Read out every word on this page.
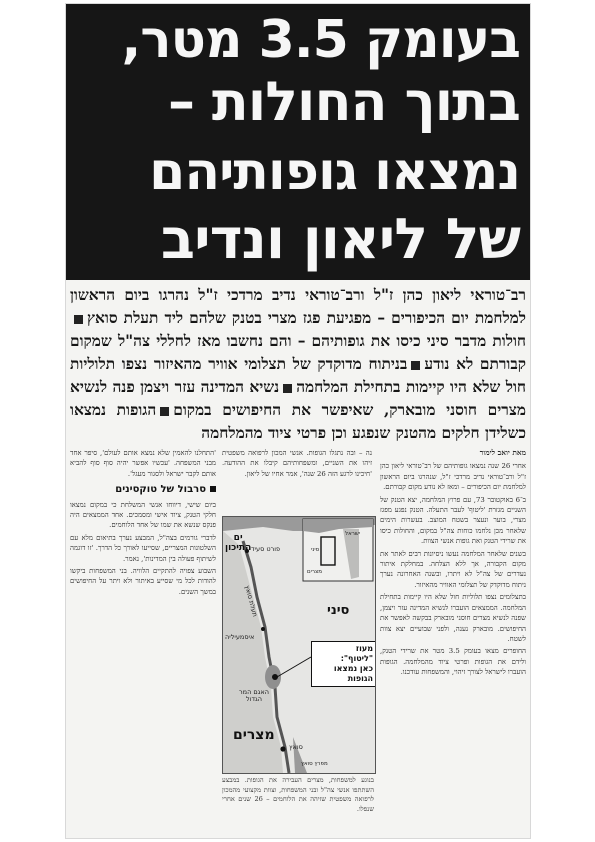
בעומק 3.5 מטר,
בתוך החולות –
נמצאו גופותיהם
של ליאון ונדיב

רב־טוראי ליאון כהן ז"ל ורב־טוראי נדיב מרדכי ז"ל נהרגו ביום הראשון למלחמת יום הכיפורים – מפגיעת פגז מצרי בטנק שלהם ליד תעלת סואץחולות מדבר סיני כיסו את גופותיהם – והם נחשבו מאז לחללי צה"ל שמקום קבורתם לא נודעבניתוח מדוקדק של תצלומי אוויר מהאיזור נצפו תלוליות חול שלא היו קיימות בתחילת המלחמהנשיא המדינה עזר ויצמן פנה לנשיא מצרים חוסני מובארק, שאיפשר את החיפושים במקוםהגופות נמצאו כשלידן חלקים מהטנק שנפגע וכן פרטי ציוד מהמלחמה

מאת יואב לימור

אחרי 26 שנה נמצאו גופותיהם של רב־טוראי ליאון כהן ז"ל ורב־טוראי נדיב מרדכי ז"ל, שנהרגו ביום הראשון למלחמת יום הכיפורים – ומאז לא נודע מקום קבורתם.

ב־6 באוקטובר 73, עם פרוץ המלחמה, יצא הטנק של השניים מגזרת 'ליטוף' לעבר התעלה. הטנק נפגע מפגז מצרי, בוער ונעצר בשטח המוצב. בעשרות הימים שלאחר מכן נלחמו כוחות צה"ל במקום, והחולות כיסו את שרידי הטנק ואת גופות אנשי הצוות.

בשנים שלאחר המלחמה נעשו ניסיונות רבים לאתר את מקום הקבורה, אך ללא הצלחה. במחלקת איתור נעדרים של צה"ל לא ויתרו, ובשנה האחרונה נערך ניתוח מדוקדק של תצלומי האוויר מהאיזור.

בתצלומים נצפו תלוליות חול שלא היו קיימות בתחילת המלחמה. הממצאים הועברו לנשיא המדינה עזר ויצמן, שפנה לנשיא מצרים חוסני מובארק בבקשה לאפשר את החיפושים. מובארק נענה, ולפני שבועיים יצא צוות לשטח.

החופרים מצאו בעומק 3.5 מטר את שרידי הטנק, ולידם את הגופות ופרטי ציוד מהמלחמה. הגופות הועברו לישראל לצורך זיהוי, והמשפחות עודכנו.

נה – ובה נתגלו הגופות. אנשי המכון לרפואה משפטית זיהו את השניים, ומשפחותיהם קיבלו את ההודעה. 'חיכינו לרגע הזה 26 שנה', אמר אחיו של ליאון.

'התחלנו להאמין שלא נמצא אותם לעולם', סיפר אחד מבני המשפחה. 'עכשיו אפשר יהיה סוף סוף להביא אותם לקבר ישראל ולסגור מעגל'.

סרבול של טוקסינים

ביום שישי, דיווחו אנשי המשלחת כי במקום נמצאו חלקי הטנק, ציוד אישי ומסמכים. אחד הממצאים היה פנקס שנשא את שמו של אחד הלוחמים.

לדברי גורמים בצה"ל, המבצע נערך בתיאום מלא עם השלטונות המצריים, שסייעו לאורך כל הדרך. 'זו דוגמה לשיתוף פעולה בין המדינות', נאמר.

השבוע צפויה להתקיים הלוויה. בני המשפחות ביקשו להודות לכל מי שסייע באיתור ולא ויתר על החיפושים במשך השנים.

ים
התיכון פורט סעיד
ישראל
סיני
מצרים
תעלת סואץ	סיני
איסמעיליה
האגם המר הגדול
סואץ
מצרים
מפרץ סואץ
מעוז
"ליטוף":
כאן נמצאו
הגופות
בנוגע למשפחות, מצרים העבירה את הגופות. במבצע השתתפו אנשי צה"ל ובני המשפחות, וצוות מקצועי מהמכון לרפואה משפטית שזיהה את הלוחמים – 26 שנים אחרי שנפלו.
